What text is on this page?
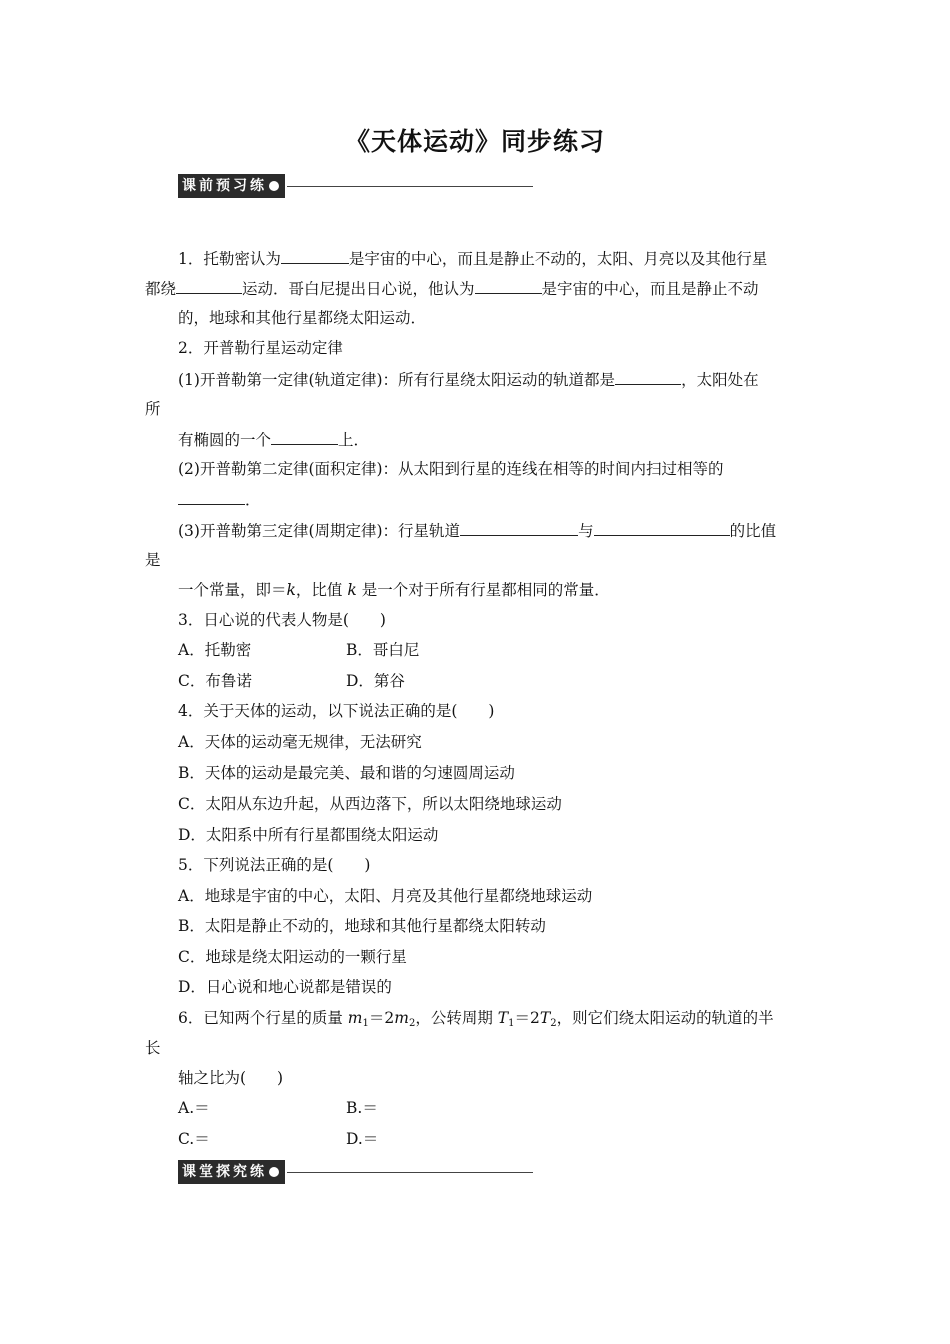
《天体运动》同步练习
课前预习练
1．托勒密认为	是宇宙的中心，而且是静止不动的，太阳、月亮以及其他行星
都绕	运动．哥白尼提出日心说，他认为	是宇宙的中心，而且是静止不动
的，地球和其他行星都绕太阳运动．
2．开普勒行星运动定律
(1)开普勒第一定律(轨道定律)：所有行星绕太阳运动的轨道都是	，太阳处在
所
有椭圆的一个	上．
(2)开普勒第二定律(面积定律)：从太阳到行星的连线在相等的时间内扫过相等的
．
(3)开普勒第三定律(周期定律)：行星轨道	与	的比值
是
一个常量，即＝k，比值 k 是一个对于所有行星都相同的常量．
3．日心说的代表人物是(　　)
A．托勒密	B．哥白尼
C．布鲁诺	D．第谷
4．关于天体的运动，以下说法正确的是(　　)
A．天体的运动毫无规律，无法研究
B．天体的运动是最完美、最和谐的匀速圆周运动
C．太阳从东边升起，从西边落下，所以太阳绕地球运动
D．太阳系中所有行星都围绕太阳运动
5．下列说法正确的是(　　)
A．地球是宇宙的中心，太阳、月亮及其他行星都绕地球运动
B．太阳是静止不动的，地球和其他行星都绕太阳转动
C．地球是绕太阳运动的一颗行星
D．日心说和地心说都是错误的
6．已知两个行星的质量 $m_1=2m_2$，公转周期 $T_1=2T_2$，则它们绕太阳运动的轨道的半
长
轴之比为(　　)
A.＝	B.＝
C.＝	D.＝
课堂探究练
